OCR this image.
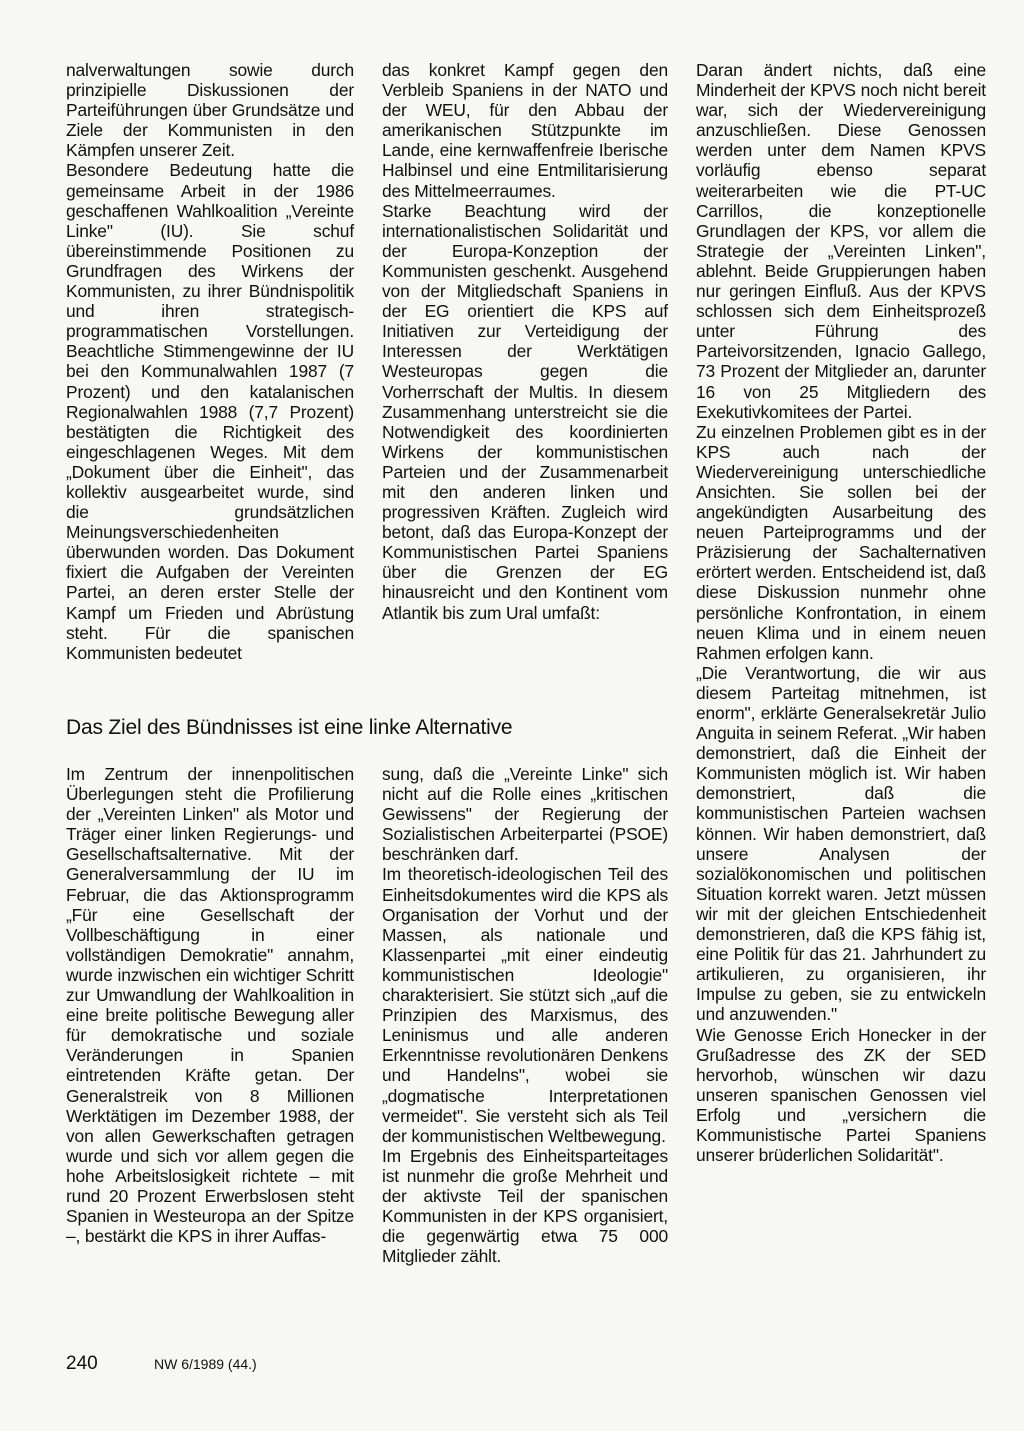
nalverwaltungen sowie durch prinzipielle Diskussionen der Parteiführungen über Grundsätze und Ziele der Kommunisten in den Kämpfen unserer Zeit.

Besondere Bedeutung hatte die gemeinsame Arbeit in der 1986 geschaffenen Wahlkoalition „Vereinte Linke" (IU). Sie schuf übereinstimmende Positionen zu Grundfragen des Wirkens der Kommunisten, zu ihrer Bündnispolitik und ihren strategisch-programmatischen Vorstellungen. Beachtliche Stimmengewinne der IU bei den Kommunalwahlen 1987 (7 Prozent) und den katalanischen Regionalwahlen 1988 (7,7 Prozent) bestätigten die Richtigkeit des eingeschlagenen Weges. Mit dem „Dokument über die Einheit", das kollektiv ausgearbeitet wurde, sind die grundsätzlichen Meinungsverschiedenheiten überwunden worden. Das Dokument fixiert die Aufgaben der Vereinten Partei, an deren erster Stelle der Kampf um Frieden und Abrüstung steht. Für die spanischen Kommunisten bedeutet

das konkret Kampf gegen den Verbleib Spaniens in der NATO und der WEU, für den Abbau der amerikanischen Stützpunkte im Lande, eine kernwaffenfreie Iberische Halbinsel und eine Entmilitarisierung des Mittelmeerraumes.

Starke Beachtung wird der internationalistischen Solidarität und der Europa-Konzeption der Kommunisten geschenkt. Ausgehend von der Mitgliedschaft Spaniens in der EG orientiert die KPS auf Initiativen zur Verteidigung der Interessen der Werktätigen Westeuropas gegen die Vorherrschaft der Multis. In diesem Zusammenhang unterstreicht sie die Notwendigkeit des koordinierten Wirkens der kommunistischen Parteien und der Zusammenarbeit mit den anderen linken und progressiven Kräften. Zugleich wird betont, daß das Europa-Konzept der Kommunistischen Partei Spaniens über die Grenzen der EG hinausreicht und den Kontinent vom Atlantik bis zum Ural umfaßt:

Daran ändert nichts, daß eine Minderheit der KPVS noch nicht bereit war, sich der Wiedervereinigung anzuschließen. Diese Genossen werden unter dem Namen KPVS vorläufig ebenso separat weiterarbeiten wie die PT-UC Carrillos, die konzeptionelle Grundlagen der KPS, vor allem die Strategie der „Vereinten Linken", ablehnt. Beide Gruppierungen haben nur geringen Einfluß. Aus der KPVS schlossen sich dem Einheitsprozeß unter Führung des Parteivorsitzenden, Ignacio Gallego, 73 Prozent der Mitglieder an, darunter 16 von 25 Mitgliedern des Exekutivkomitees der Partei.

Zu einzelnen Problemen gibt es in der KPS auch nach der Wiedervereinigung unterschiedliche Ansichten. Sie sollen bei der angekündigten Ausarbeitung des neuen Parteiprogramms und der Präzisierung der Sachalternativen erörtert werden. Entscheidend ist, daß diese Diskussion nunmehr ohne persönliche Konfrontation, in einem neuen Klima und in einem neuen Rahmen erfolgen kann.

„Die Verantwortung, die wir aus diesem Parteitag mitnehmen, ist enorm", erklärte Generalsekretär Julio Anguita in seinem Referat. „Wir haben demonstriert, daß die Einheit der Kommunisten möglich ist. Wir haben demonstriert, daß die kommunistischen Parteien wachsen können. Wir haben demonstriert, daß unsere Analysen der sozialökonomischen und politischen Situation korrekt waren. Jetzt müssen wir mit der gleichen Entschiedenheit demonstrieren, daß die KPS fähig ist, eine Politik für das 21. Jahrhundert zu artikulieren, zu organisieren, ihr Impulse zu geben, sie zu entwickeln und anzuwenden."

Wie Genosse Erich Honecker in der Grußadresse des ZK der SED hervorhob, wünschen wir dazu unseren spanischen Genossen viel Erfolg und „versichern die Kommunistische Partei Spaniens unserer brüderlichen Solidarität".

Das Ziel des Bündnisses ist eine linke Alternative

Im Zentrum der innenpolitischen Überlegungen steht die Profilierung der „Vereinten Linken" als Motor und Träger einer linken Regierungs- und Gesellschaftsalternative. Mit der Generalversammlung der IU im Februar, die das Aktionsprogramm „Für eine Gesellschaft der Vollbeschäftigung in einer vollständigen Demokratie" annahm, wurde inzwischen ein wichtiger Schritt zur Umwandlung der Wahlkoalition in eine breite politische Bewegung aller für demokratische und soziale Veränderungen in Spanien eintretenden Kräfte getan. Der Generalstreik von 8 Millionen Werktätigen im Dezember 1988, der von allen Gewerkschaften getragen wurde und sich vor allem gegen die hohe Arbeitslosigkeit richtete – mit rund 20 Prozent Erwerbslosen steht Spanien in Westeuropa an der Spitze –, bestärkt die KPS in ihrer Auffas-

sung, daß die „Vereinte Linke" sich nicht auf die Rolle eines „kritischen Gewissens" der Regierung der Sozialistischen Arbeiterpartei (PSOE) beschränken darf.

Im theoretisch-ideologischen Teil des Einheitsdokumentes wird die KPS als Organisation der Vorhut und der Massen, als nationale und Klassenpartei „mit einer eindeutig kommunistischen Ideologie" charakterisiert. Sie stützt sich „auf die Prinzipien des Marxismus, des Leninismus und alle anderen Erkenntnisse revolutionären Denkens und Handelns", wobei sie „dogmatische Interpretationen vermeidet". Sie versteht sich als Teil der kommunistischen Weltbewegung.

Im Ergebnis des Einheitsparteitages ist nunmehr die große Mehrheit und der aktivste Teil der spanischen Kommunisten in der KPS organisiert, die gegenwärtig etwa 75 000 Mitglieder zählt.

240	NW 6/1989 (44.)
